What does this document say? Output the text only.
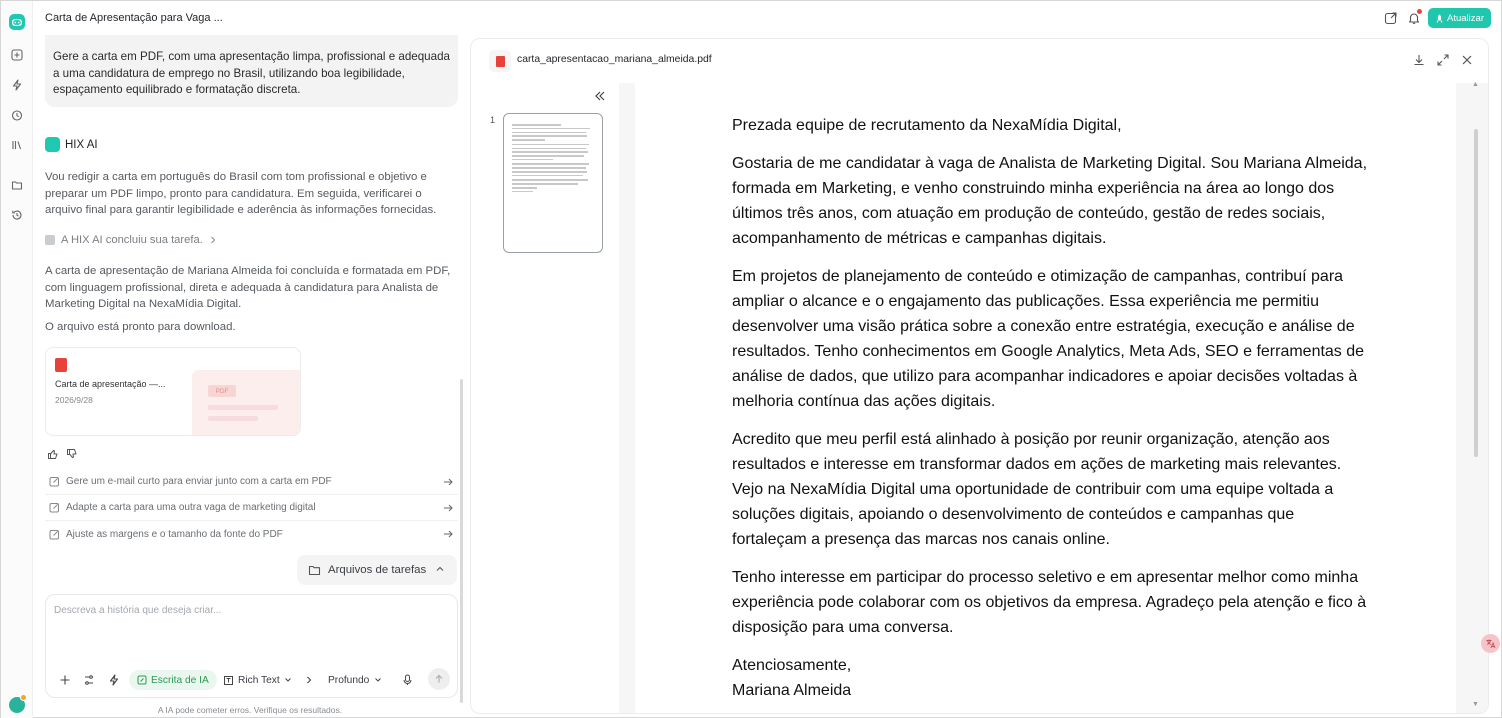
Carta de Apresentação para Vaga ...	Atualizar
Gere a carta em PDF, com uma apresentação limpa, profissional e adequada a uma candidatura de emprego no Brasil, utilizando boa legibilidade, espaçamento equilibrado e formatação discreta.
HIX AI
Vou redigir a carta em português do Brasil com tom profissional e objetivo e preparar um PDF limpo, pronto para candidatura. Em seguida, verificarei o arquivo final para garantir legibilidade e aderência às informações fornecidas.
A HIX AI concluiu sua tarefa.
A carta de apresentação de Mariana Almeida foi concluída e formatada em PDF, com linguagem profissional, direta e adequada à candidatura para Analista de Marketing Digital na NexaMídia Digital.
O arquivo está pronto para download.
Carta de apresentação —...
2026/9/28
PDF
Gere um e-mail curto para enviar junto com a carta em PDF
Adapte a carta para uma outra vaga de marketing digital
Ajuste as margens e o tamanho da fonte do PDF
Arquivos de tarefas
Descreva a história que deseja criar...
Escrita de IA	Rich Text	Profundo
A IA pode cometer erros. Verifique os resultados.
carta_apresentacao_mariana_almeida.pdf
1	Prezada equipe de recrutamento da NexaMídia Digital,

Gostaria de me candidatar à vaga de Analista de Marketing Digital. Sou Mariana Almeida, formada em Marketing, e venho construindo minha experiência na área ao longo dos últimos três anos, com atuação em produção de conteúdo, gestão de redes sociais, acompanhamento de métricas e campanhas digitais.

Em projetos de planejamento de conteúdo e otimização de campanhas, contribuí para ampliar o alcance e o engajamento das publicações. Essa experiência me permitiu desenvolver uma visão prática sobre a conexão entre estratégia, execução e análise de resultados. Tenho conhecimentos em Google Analytics, Meta Ads, SEO e ferramentas de análise de dados, que utilizo para acompanhar indicadores e apoiar decisões voltadas à melhoria contínua das ações digitais.

Acredito que meu perfil está alinhado à posição por reunir organização, atenção aos resultados e interesse em transformar dados em ações de marketing mais relevantes. Vejo na NexaMídia Digital uma oportunidade de contribuir com uma equipe voltada a soluções digitais, apoiando o desenvolvimento de conteúdos e campanhas que fortaleçam a presença das marcas nos canais online.

Tenho interesse em participar do processo seletivo e em apresentar melhor como minha experiência pode colaborar com os objetivos da empresa. Agradeço pela atenção e fico à disposição para uma conversa.

Atenciosamente,

Mariana Almeida

▲
▼
